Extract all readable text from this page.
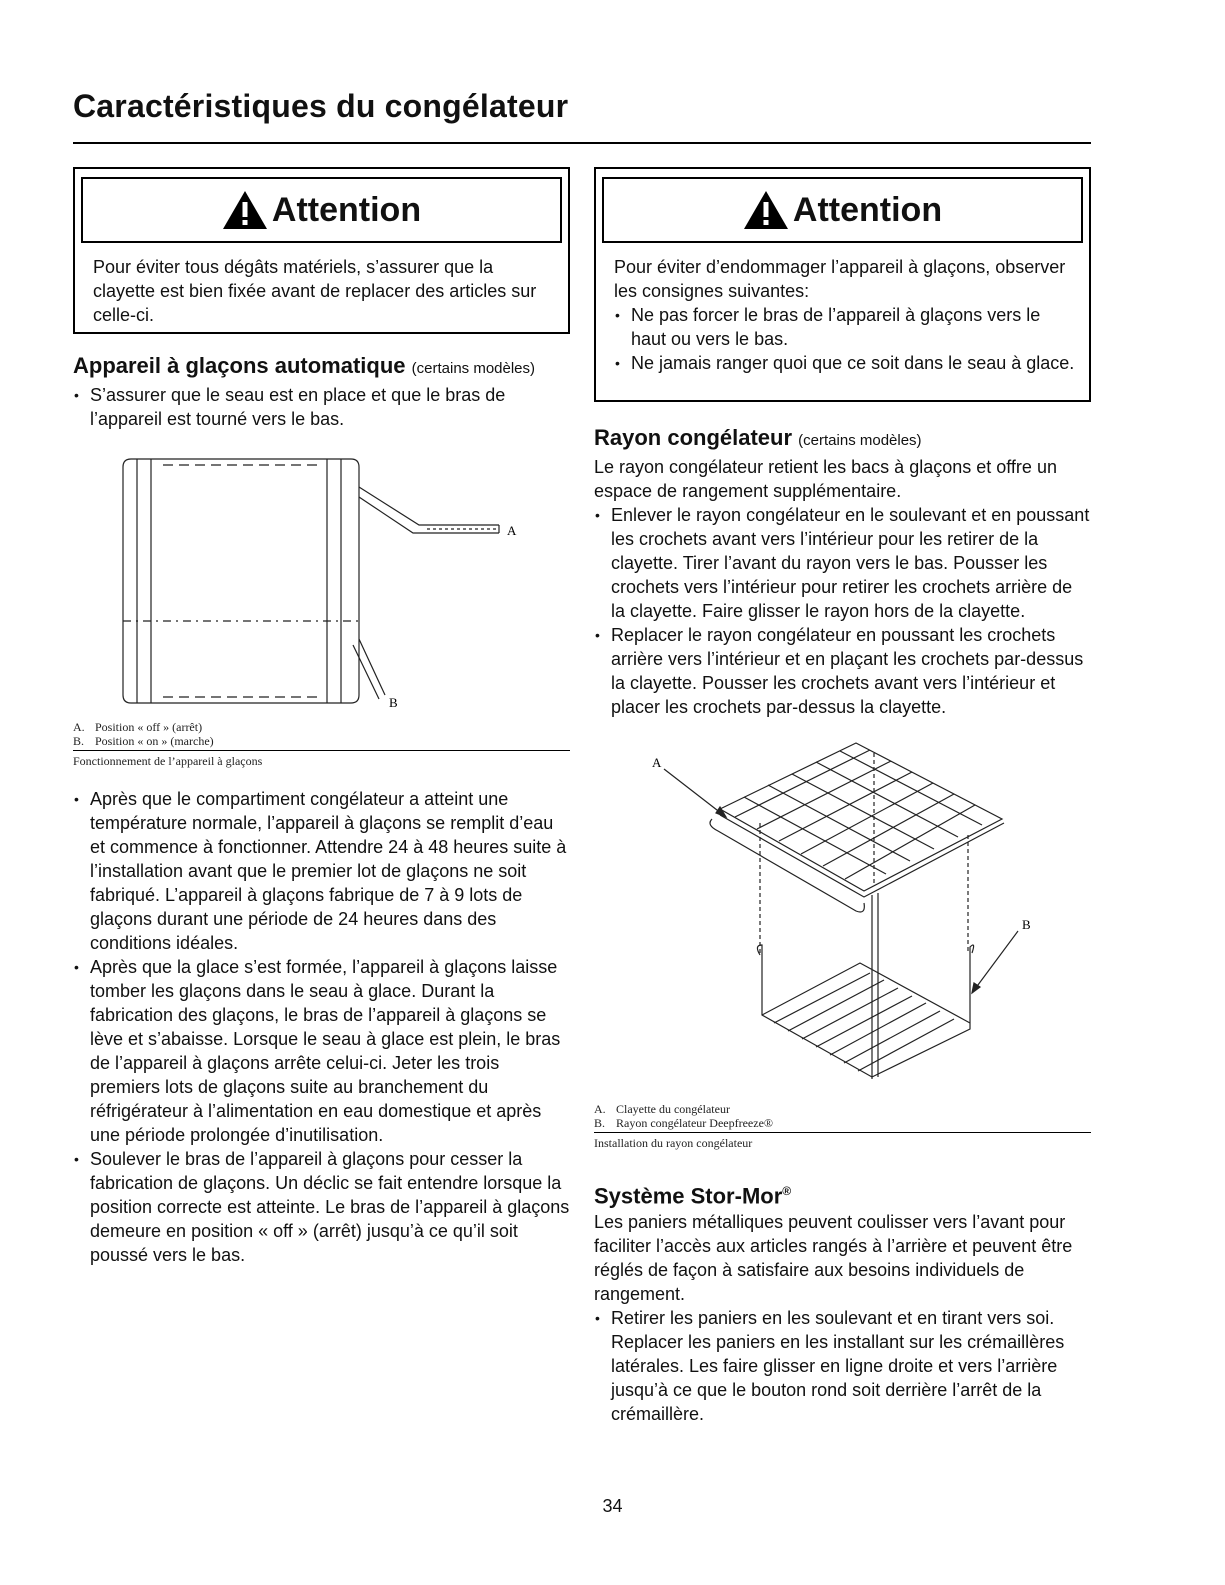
Caractéristiques du congélateur
Attention

Pour éviter tous dégâts matériels, s’assurer que la clayette est bien fixée avant de replacer des articles sur celle-ci.

Appareil à glaçons automatique (certains modèles)
• S’assurer que le seau est en place et que le bras de l’appareil est tourné vers le bas.
A
B
A. Position « off » (arrêt)
B. Position « on » (marche)
Fonctionnement de l’appareil à glaçons
• Après que le compartiment congélateur a atteint une température normale, l’appareil à glaçons se remplit d’eau et commence à fonctionner. Attendre 24 à 48 heures suite à l’installation avant que le premier lot de glaçons ne soit fabriqué. L’appareil à glaçons fabrique de 7 à 9 lots de glaçons durant une période de 24 heures dans des conditions idéales.
• Après que la glace s’est formée, l’appareil à glaçons laisse tomber les glaçons dans le seau à glace. Durant la fabrication des glaçons, le bras de l’appareil à glaçons se lève et s’abaisse. Lorsque le seau à glace est plein, le bras de l’appareil à glaçons arrête celui-ci. Jeter les trois premiers lots de glaçons suite au branchement du réfrigérateur à l’alimentation en eau domestique et après une période prolongée d’inutilisation.
• Soulever le bras de l’appareil à glaçons pour cesser la fabrication de glaçons. Un déclic se fait entendre lorsque la position correcte est atteinte. Le bras de l’appareil à glaçons demeure en position « off » (arrêt) jusqu’à ce qu’il soit poussé vers le bas.
Attention

Pour éviter d’endommager l’appareil à glaçons, observer les consignes suivantes:

• Ne pas forcer le bras de l’appareil à glaçons vers le haut ou vers le bas.
• Ne jamais ranger quoi que ce soit dans le seau à glace.
Rayon congélateur (certains modèles)

Le rayon congélateur retient les bacs à glaçons et offre un espace de rangement supplémentaire.

• Enlever le rayon congélateur en le soulevant et en poussant les crochets avant vers l’intérieur pour les retirer de la clayette. Tirer l’avant du rayon vers le bas. Pousser les crochets vers l’intérieur pour retirer les crochets arrière de la clayette. Faire glisser le rayon hors de la clayette.
• Replacer le rayon congélateur en poussant les crochets arrière vers l’intérieur et en plaçant les crochets par-dessus la clayette. Pousser les crochets avant vers l’intérieur et placer les crochets par-dessus la clayette.
A
B
A. Clayette du congélateur
B. Rayon congélateur Deepfreeze®
Installation du rayon congélateur
Système Stor-Mor®

Les paniers métalliques peuvent coulisser vers l’avant pour faciliter l’accès aux articles rangés à l’arrière et peuvent être réglés de façon à satisfaire aux besoins individuels de rangement.

• Retirer les paniers en les soulevant et en tirant vers soi. Replacer les paniers en les installant sur les crémaillères latérales. Les faire glisser en ligne droite et vers l’arrière jusqu’à ce que le bouton rond soit derrière l’arrêt de la crémaillère.
34
